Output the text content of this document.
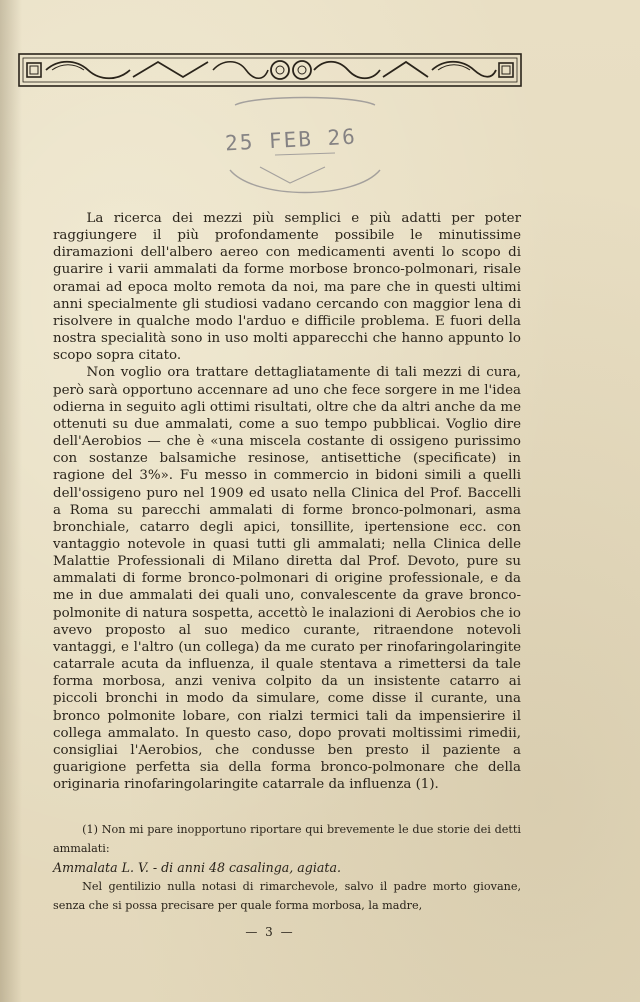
25 FEB 26

La ricerca dei mezzi più semplici e più adatti per poter raggiungere il più profondamente possibile le minutissime diramazioni dell'albero aereo con medicamenti aventi lo scopo di guarire i varii ammalati da forme morbose bronco-polmonari, risale oramai ad epoca molto remota da noi, ma pare che in questi ultimi anni specialmente gli studiosi vadano cercando con maggior lena di risolvere in qualche modo l'arduo e difficile problema. E fuori della nostra specialità sono in uso molti apparecchi che hanno appunto lo scopo sopra citato.

Non voglio ora trattare dettagliatamente di tali mezzi di cura, però sarà opportuno accennare ad uno che fece sorgere in me l'idea odierna in seguito agli ottimi risultati, oltre che da altri anche da me ottenuti su due ammalati, come a suo tempo pubblicai. Voglio dire dell'Aerobios — che è «una miscela costante di ossigeno purissimo con sostanze balsamiche resinose, antisettiche (specificate) in ragione del 3%». Fu messo in commercio in bidoni simili a quelli dell'ossigeno puro nel 1909 ed usato nella Clinica del Prof. Baccelli a Roma su parecchi ammalati di forme bronco-polmonari, asma bronchiale, catarro degli apici, tonsillite, ipertensione ecc. con vantaggio notevole in quasi tutti gli ammalati; nella Clinica delle Malattie Professionali di Milano diretta dal Prof. Devoto, pure su ammalati di forme bronco-polmonari di origine professionale, e da me in due ammalati dei quali uno, convalescente da grave bronco-polmonite di natura sospetta, accettò le inalazioni di Aerobios che io avevo proposto al suo medico curante, ritraendone notevoli vantaggi, e l'altro (un collega) da me curato per rinofaringolaringite catarrale acuta da influenza, il quale stentava a rimettersi da tale forma morbosa, anzi veniva colpito da un insistente catarro ai piccoli bronchi in modo da simulare, come disse il curante, una bronco polmonite lobare, con rialzi termici tali da impensierire il collega ammalato. In questo caso, dopo provati moltissimi rimedii, consigliai l'Aerobios, che condusse ben presto il paziente a guarigione perfetta sia della forma bronco-polmonare che della originaria rinofaringolaringite catarrale da influenza (1).

(1) Non mi pare inopportuno riportare qui brevemente le due storie dei detti ammalati:

Ammalata L. V. - di anni 48 casalinga, agiata.

Nel gentilizio nulla notasi di rimarchevole, salvo il padre morto giovane, senza che si possa precisare per quale forma morbosa, la madre,

— 3 —
